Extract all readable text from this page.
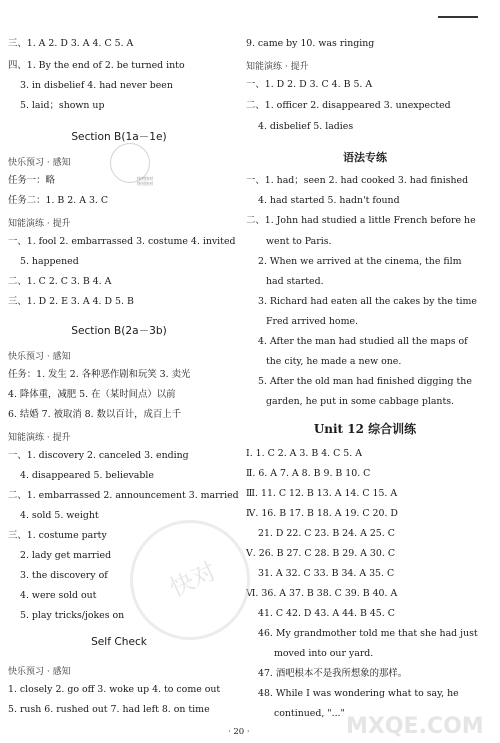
三、1. A 2. D 3. A 4. C 5. A
四、1. By the end of 2. be turned into
3. in disbelief 4. had never been
5. laid；shown up
Section B(1a－1e)
快对快对
快对快对
快乐预习 · 感知
任务一：略
任务二：1. B 2. A 3. C
知能演练 · 提升
一、1. fool 2. embarrassed 3. costume 4. invited
5. happened
二、1. C 2. C 3. B 4. A
三、1. D 2. E 3. A 4. D 5. B
Section B(2a－3b)
快乐预习 · 感知
任务：1. 发生 2. 各种恶作剧和玩笑 3. 卖光
4. 降体重，减肥 5. 在（某时间点）以前
6. 结婚 7. 被取消 8. 数以百计，成百上千
知能演练 · 提升
一、1. discovery 2. canceled 3. ending
4. disappeared 5. believable
二、1. embarrassed 2. announcement 3. married
4. sold 5. weight
三、1. costume party
2. lady get married
3. the discovery of
4. were sold out
5. play tricks/jokes on
Self Check
快乐预习 · 感知
1. closely 2. go off 3. woke up 4. to come out
5. rush 6. rushed out 7. had left 8. on time
9. came by 10. was ringing
知能演练 · 提升
一、1. D 2. D 3. C 4. B 5. A
二、1. officer 2. disappeared 3. unexpected
4. disbelief 5. ladies
语法专练
一、1. had；seen 2. had cooked 3. had finished
4. had started 5. hadn't found
二、1. John had studied a little French before he
went to Paris.
2. When we arrived at the cinema, the film
had started.
3. Richard had eaten all the cakes by the time
Fred arrived home.
4. After the man had studied all the maps of
the city, he made a new one.
5. After the old man had finished digging the
garden, he put in some cabbage plants.
Unit 12 综合训练
Ⅰ. 1. C 2. A 3. B 4. C 5. A
Ⅱ. 6. A 7. A 8. B 9. B 10. C
Ⅲ. 11. C 12. B 13. A 14. C 15. A
Ⅳ. 16. B 17. B 18. A 19. C 20. D
21. D 22. C 23. B 24. A 25. C
Ⅴ. 26. B 27. C 28. B 29. A 30. C
31. A 32. C 33. B 34. A 35. C
Ⅵ. 36. A 37. B 38. C 39. B 40. A
41. C 42. D 43. A 44. B 45. C
46. My grandmother told me that she had just
moved into our yard.
47. 酒吧根本不是我所想象的那样。
48. While I was wondering what to say, he
continued, "..."
快对
MXQE.COM
· 20 ·
